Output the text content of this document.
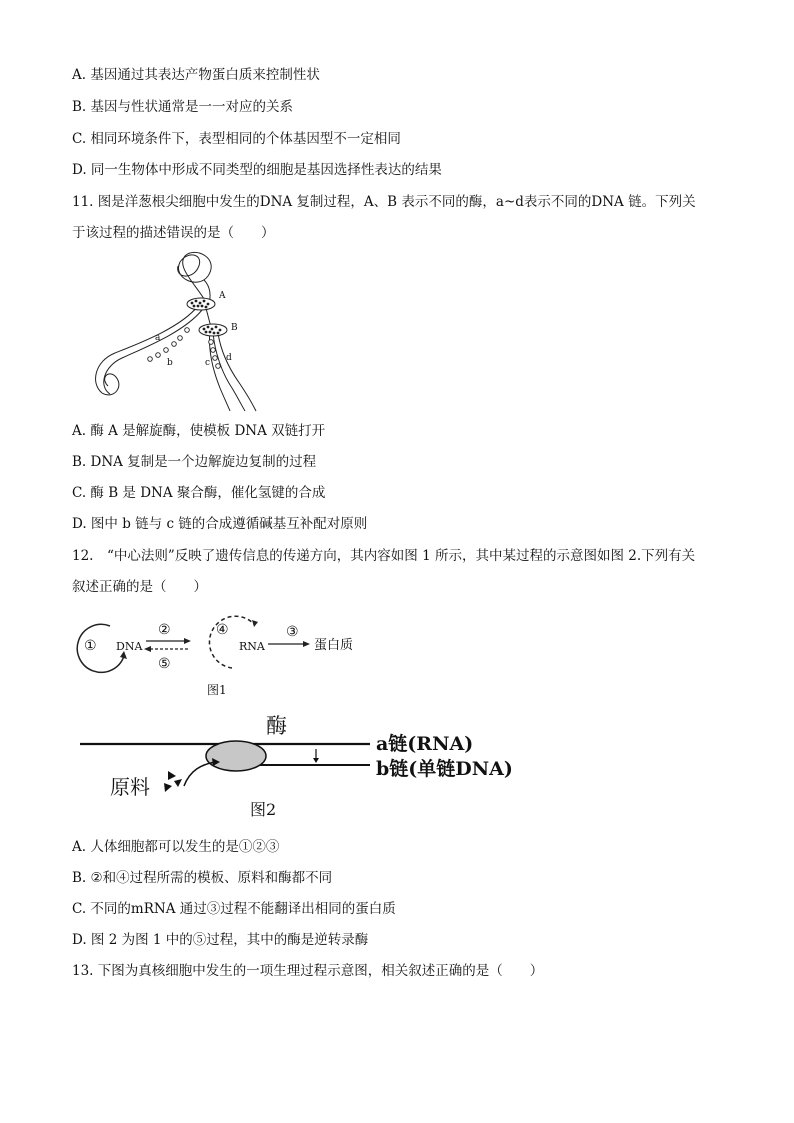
A. 基因通过其表达产物蛋白质来控制性状
B. 基因与性状通常是一一对应的关系
C. 相同环境条件下，表型相同的个体基因型不一定相同
D. 同一生物体中形成不同类型的细胞是基因选择性表达的结果
11. 图是洋葱根尖细胞中发生的DNA 复制过程，A、B 表示不同的酶，a~d表示不同的DNA 链。下列关
于该过程的描述错误的是（　　）
A
B
a
b	c d
A. 酶 A 是解旋酶，使模板 DNA 双链打开
B. DNA 复制是一个边解旋边复制的过程
C. 酶 B 是 DNA 聚合酶，催化氢键的合成
D. 图中 b 链与 c 链的合成遵循碱基互补配对原则
12.　“中心法则”反映了遗传信息的传递方向，其内容如图 1 所示，其中某过程的示意图如图 2.下列有关
叙述正确的是（　　）
① DNA
②
⑤
④
RNA
③
蛋白质
图1
酶
a链(RNA)
b链(单链DNA)
原料
图2
A. 人体细胞都可以发生的是①②③
B. ②和④过程所需的模板、原料和酶都不同
C. 不同的mRNA 通过③过程不能翻译出相同的蛋白质
D. 图 2 为图 1 中的⑤过程，其中的酶是逆转录酶
13. 下图为真核细胞中发生的一项生理过程示意图，相关叙述正确的是（　　）
